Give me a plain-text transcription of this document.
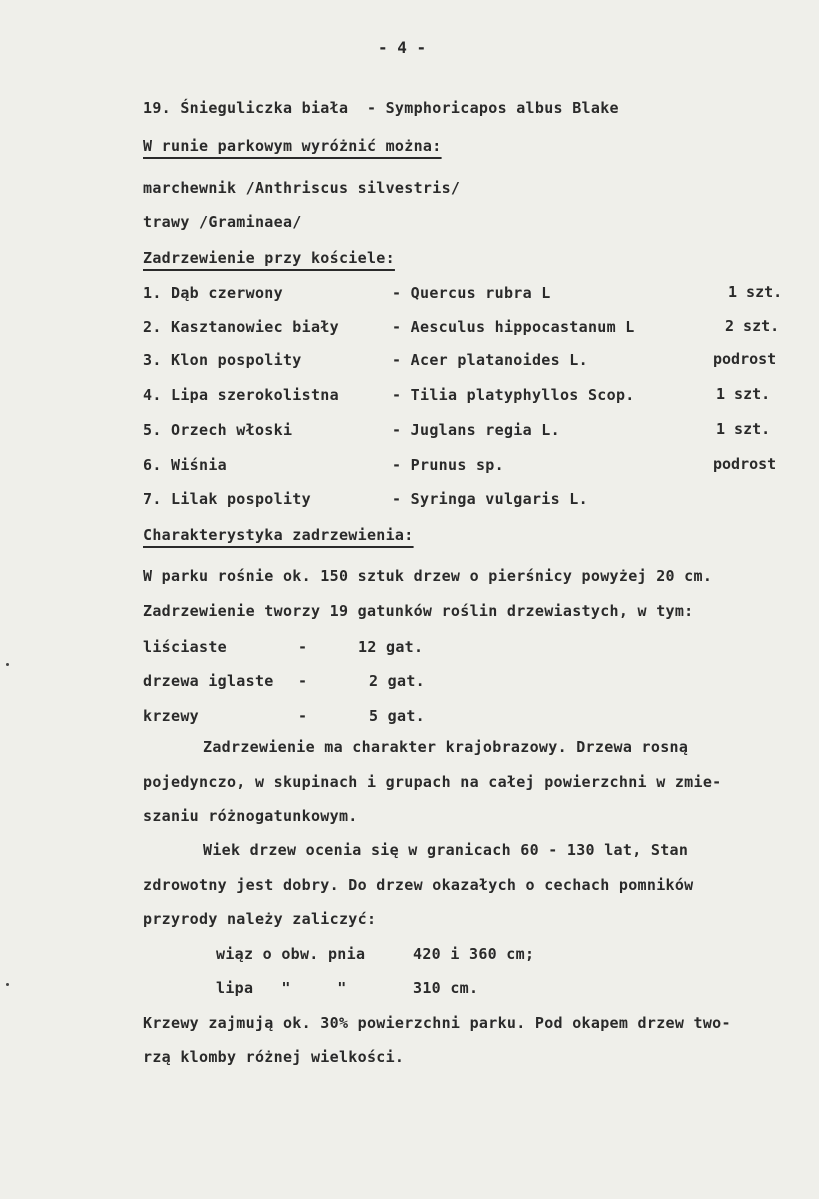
- 4 -
19. Śnieguliczka biała  - Symphoricapos albus Blake
W runie parkowym wyróżnić można:
marchewnik /Anthriscus silvestris/
trawy /Graminaea/
Zadrzewienie przy kościele:
1. Dąb czerwony	- Quercus rubra L	1 szt.
2. Kasztanowiec biały	- Aesculus hippocastanum L	2 szt.
3. Klon pospolity	- Acer platanoides L.	podrost
4. Lipa szerokolistna	- Tilia platyphyllos Scop.	1 szt.
5. Orzech włoski	- Juglans regia L.	1 szt.
6. Wiśnia	- Prunus sp.	podrost
7. Lilak pospolity	- Syringa vulgaris L.
Charakterystyka zadrzewienia:
W parku rośnie ok. 150 sztuk drzew o pierśnicy powyżej 20 cm.
Zadrzewienie tworzy 19 gatunków roślin drzewiastych, w tym:
liściaste	-	12 gat.
drzewa iglaste -	2 gat.
krzewy	-	5 gat.
Zadrzewienie ma charakter krajobrazowy. Drzewa rosną
pojedynczo, w skupinach i grupach na całej powierzchni w zmie-
szaniu różnogatunkowym.
Wiek drzew ocenia się w granicach 60 - 130 lat, Stan
zdrowotny jest dobry. Do drzew okazałych o cechach pomników
przyrody należy zaliczyć:
wiąz o obw. pnia	420 i 360 cm;
lipa   "     "	310 cm.
Krzewy zajmują ok. 30% powierzchni parku. Pod okapem drzew two-
rzą klomby różnej wielkości.
